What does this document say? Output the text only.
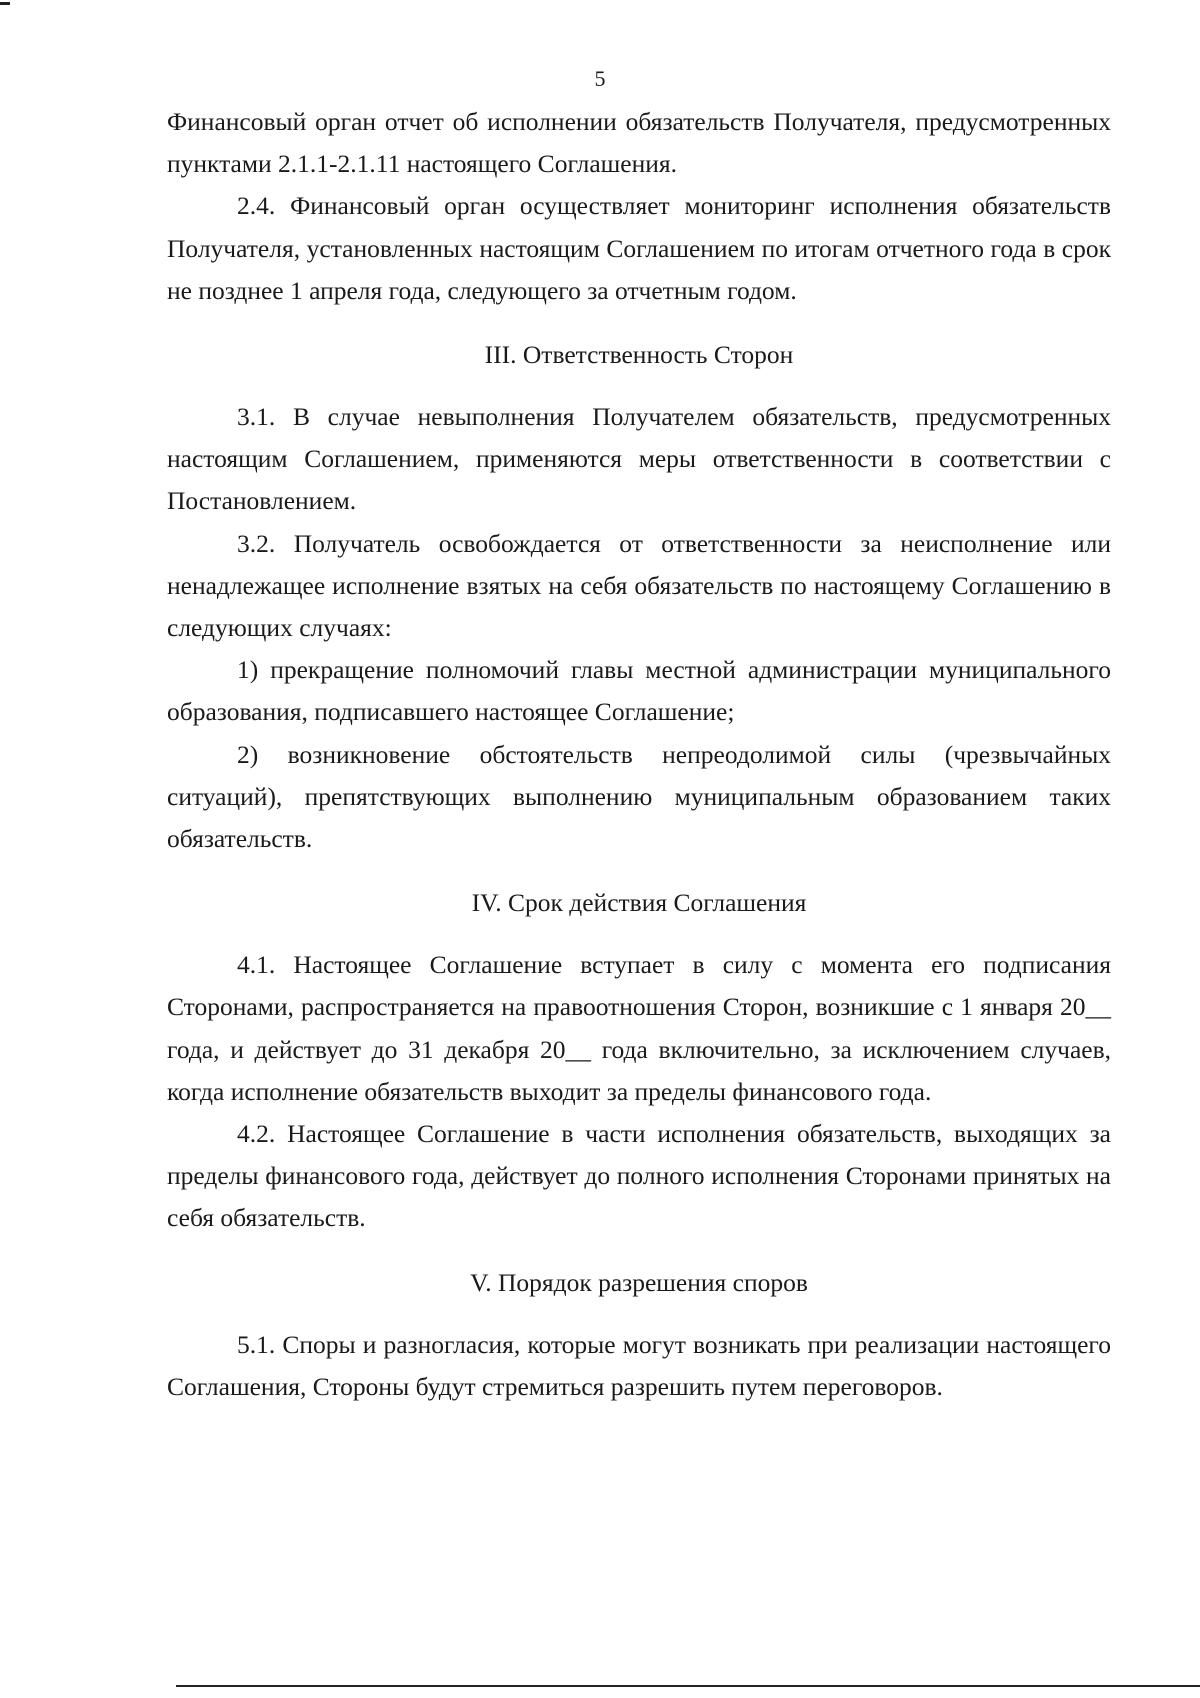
5

Финансовый орган отчет об исполнении обязательств Получателя, предусмотренных пунктами 2.1.1-2.1.11 настоящего Соглашения.

2.4. Финансовый орган осуществляет мониторинг исполнения обязательств Получателя, установленных настоящим Соглашением по итогам отчетного года в срок не позднее 1 апреля года, следующего за отчетным годом.

III. Ответственность Сторон

3.1. В случае невыполнения Получателем обязательств, предусмотренных настоящим Соглашением, применяются меры ответственности в соответствии с Постановлением.

3.2. Получатель освобождается от ответственности за неисполнение или ненадлежащее исполнение взятых на себя обязательств по настоящему Соглашению в следующих случаях:

1) прекращение полномочий главы местной администрации муниципального образования, подписавшего настоящее Соглашение;

2) возникновение обстоятельств непреодолимой силы (чрезвычайных ситуаций), препятствующих выполнению муниципальным образованием таких обязательств.

IV. Срок действия Соглашения

4.1. Настоящее Соглашение вступает в силу с момента его подписания Сторонами, распространяется на правоотношения Сторон, возникшие с 1 января 20__ года, и действует до 31 декабря 20__ года включительно, за исключением случаев, когда исполнение обязательств выходит за пределы финансового года.

4.2. Настоящее Соглашение в части исполнения обязательств, выходящих за пределы финансового года, действует до полного исполнения Сторонами принятых на себя обязательств.

V. Порядок разрешения споров

5.1. Споры и разногласия, которые могут возникать при реализации настоящего Соглашения, Стороны будут стремиться разрешить путем переговоров.
